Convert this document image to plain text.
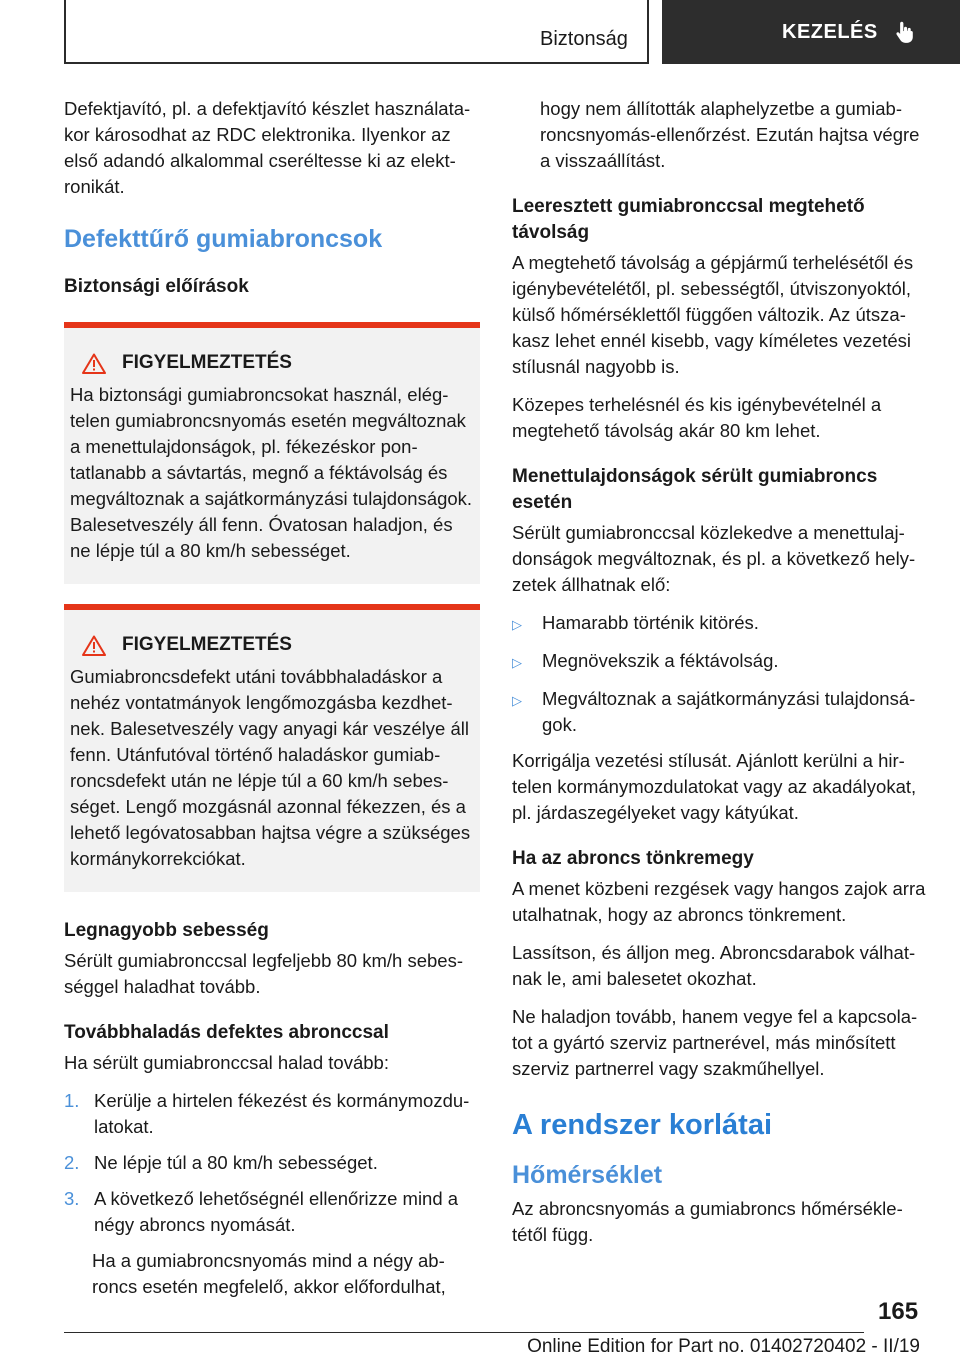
Biztonság	KEZELÉS

Defektjavító, pl. a defektjavító készlet használatakor károsodhat az RDC elektronika. Ilyenkor az első adandó alkalommal cseréltesse ki az elektronikát.

Defekttűrő gumiabroncsok
Biztonsági előírások
FIGYELMEZTETÉS

Ha biztonsági gumiabroncsokat használ, elégtelen gumiabroncsnyomás esetén megváltoznak a menettulajdonságok, pl. fékezéskor pontatlanabb a sávtartás, megnő a féktávolság és megváltoznak a sajátkormányzási tulajdonságok. Balesetveszély áll fenn. Óvatosan haladjon, és ne lépje túl a 80 km/h sebességet.

FIGYELMEZTETÉS

Gumiabroncsdefekt utáni továbbhaladáskor a nehéz vontatmányok lengőmozgásba kezdhetnek. Balesetveszély vagy anyagi kár veszélye áll fenn. Utánfutóval történő haladáskor gumiabroncsdefekt után ne lépje túl a 60 km/h sebességet. Lengő mozgásnál azonnal fékezzen, és a lehető legóvatosabban hajtsa végre a szükséges kormánykorrekciókat.

Legnagyobb sebesség

Sérült gumiabronccsal legfeljebb 80 km/h sebességgel haladhat tovább.

Továbbhaladás defektes abronccsal

Ha sérült gumiabronccsal halad tovább:

1. Kerülje a hirtelen fékezést és kormánymozdulatokat.
2. Ne lépje túl a 80 km/h sebességet.
3. A következő lehetőségnél ellenőrizze mind a négy abroncs nyomását.

Ha a gumiabroncsnyomás mind a négy abroncs esetén megfelelő, akkor előfordulhat,

hogy nem állították alaphelyzetbe a gumiabroncsnyomás-ellenőrzést. Ezután hajtsa végre a visszaállítást.

Leeresztett gumiabronccsal megtehető távolság

A megtehető távolság a gépjármű terhelésétől és igénybevételétől, pl. sebességtől, útviszonyoktól, külső hőmérséklettől függően változik. Az útszakasz lehet ennél kisebb, vagy kíméletes vezetési stílusnál nagyobb is.

Közepes terhelésnél és kis igénybevételnél a megtehető távolság akár 80 km lehet.

Menettulajdonságok sérült gumiabroncs esetén

Sérült gumiabronccsal közlekedve a menettulajdonságok megváltoznak, és pl. a következő helyzetek állhatnak elő:

▷	Hamarabb történik kitörés.
▷	Megnövekszik a féktávolság.
▷	Megváltoznak a sajátkormányzási tulajdonságok.

Korrigálja vezetési stílusát. Ajánlott kerülni a hirtelen kormánymozdulatokat vagy az akadályokat, pl. járdaszegélyeket vagy kátyúkat.

Ha az abroncs tönkremegy

A menet közbeni rezgések vagy hangos zajok arra utalhatnak, hogy az abroncs tönkrement.

Lassítson, és álljon meg. Abroncsdarabok válhatnak le, ami balesetet okozhat.

Ne haladjon tovább, hanem vegye fel a kapcsolatot a gyártó szerviz partnerével, más minősített szerviz partnerrel vagy szakműhellyel.

A rendszer korlátai
Hőmérséklet

Az abroncsnyomás a gumiabroncs hőmérsékletétől függ.

165
Online Edition for Part no. 01402720402 - II/19
